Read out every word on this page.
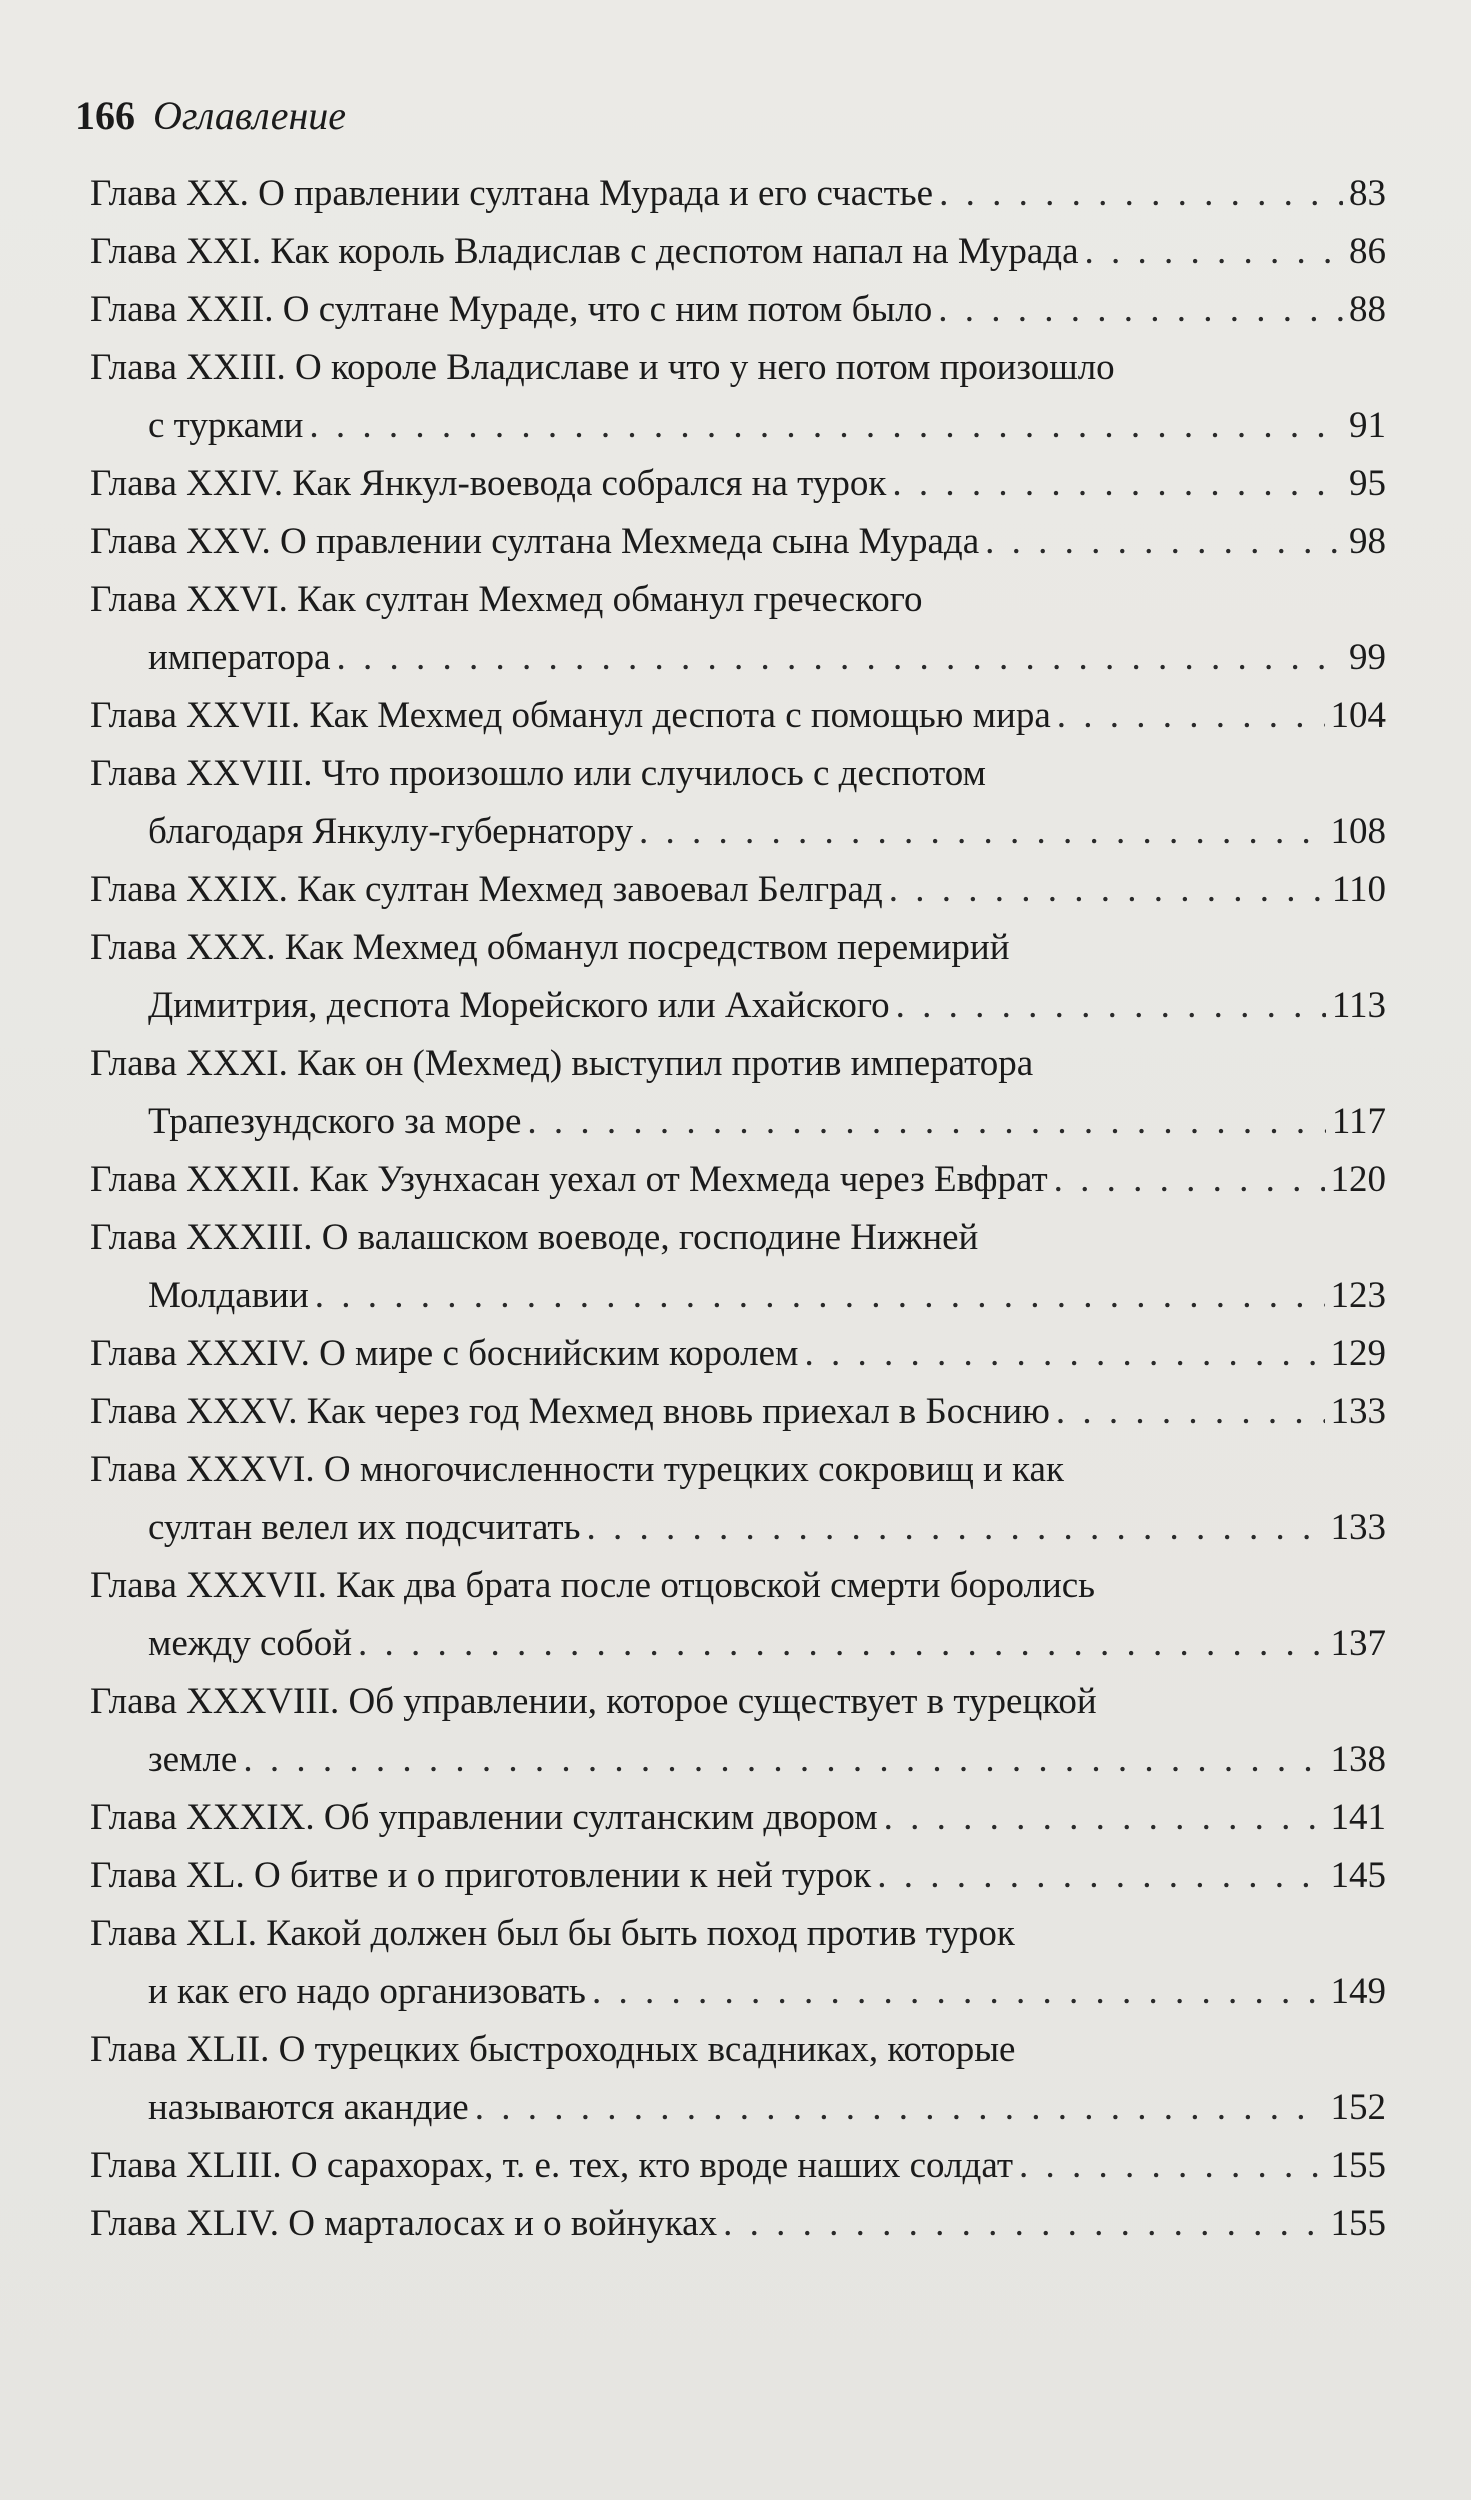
166 Оглавление
Глава XX. О правлении султана Мурада и его счастье . . .	83
Глава XXI. Как король Владислав с деспотом напал на Мурада . . .	86
Глава XXII. О султане Мураде, что с ним потом было . . .	88
Глава XXIII. О короле Владиславе и что у него потом произошло
с турками . . .	91
Глава XXIV. Как Янкул-воевода собрался на турок . . .	95
Глава XXV. О правлении султана Мехмеда сына Мурада . . .	98
Глава XXVI. Как султан Мехмед обманул греческого
императора . . .	99
Глава XXVII. Как Мехмед обманул деспота с помощью мира . . .	104
Глава XXVIII. Что произошло или случилось с деспотом
благодаря Янкулу-губернатору . . .	108
Глава XXIX. Как султан Мехмед завоевал Белград . . .	110
Глава XXX. Как Мехмед обманул посредством перемирий
Димитрия, деспота Морейского или Ахайского . . .	113
Глава XXXI. Как он (Мехмед) выступил против императора
Трапезундского за море . . .	117
Глава XXXII. Как Узунхасан уехал от Мехмеда через Евфрат . . .	120
Глава XXXIII. О валашском воеводе, господине Нижней
Молдавии . . .	123
Глава XXXIV. О мире с боснийским королем . . .	129
Глава XXXV. Как через год Мехмед вновь приехал в Боснию . . .	133
Глава XXXVI. О многочисленности турецких сокровищ и как
султан велел их подсчитать . . .	133
Глава XXXVII. Как два брата после отцовской смерти боролись
между собой . . .	137
Глава XXXVIII. Об управлении, которое существует в турецкой
земле . . .	138
Глава XXXIX. Об управлении султанским двором . . .	141
Глава XL. О битве и о приготовлении к ней турок . . .	145
Глава XLI. Какой должен был бы быть поход против турок
и как его надо организовать . . .	149
Глава XLII. О турецких быстроходных всадниках, которые
называются акандие . . .	152
Глава XLIII. О сарахорах, т. е. тех, кто вроде наших солдат . . .	155
Глава XLIV. О марталосах и о войнуках . . .	155
